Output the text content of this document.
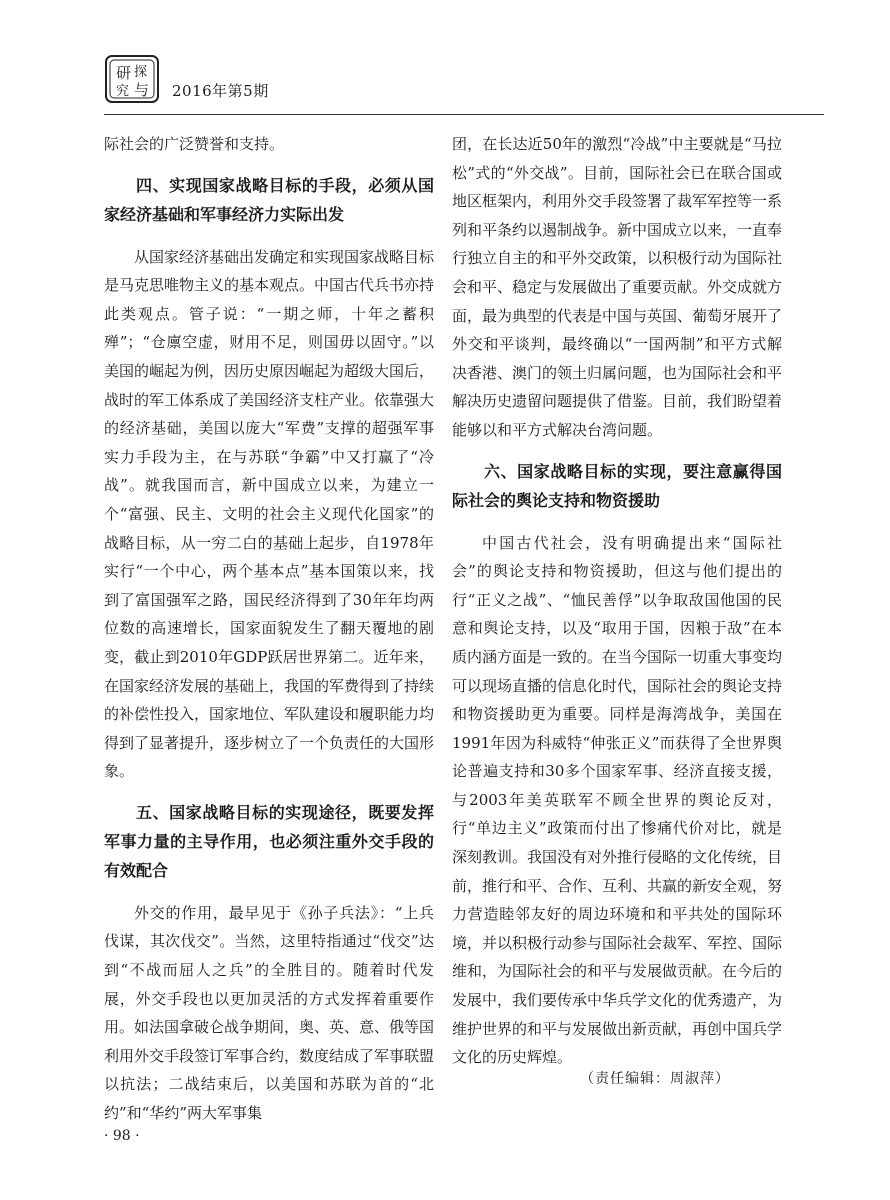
研 探
究 与 2016年第5期

际社会的广泛赞誉和支持。

四、实现国家战略目标的手段，必须从国家经济基础和军事经济力实际出发

从国家经济基础出发确定和实现国家战略目标是马克思唯物主义的基本观点。中国古代兵书亦持此类观点。管子说：“一期之师，十年之蓄积殚”；“仓廪空虚，财用不足，则国毋以固守。”以美国的崛起为例，因历史原因崛起为超级大国后，战时的军工体系成了美国经济支柱产业。依靠强大的经济基础，美国以庞大“军费”支撑的超强军事实力手段为主，在与苏联“争霸”中又打赢了“冷战”。就我国而言，新中国成立以来，为建立一个“富强、民主、文明的社会主义现代化国家”的战略目标，从一穷二白的基础上起步，自1978年实行“一个中心，两个基本点”基本国策以来，找到了富国强军之路，国民经济得到了30年年均两位数的高速增长，国家面貌发生了翻天覆地的剧变，截止到2010年GDP跃居世界第二。近年来，在国家经济发展的基础上，我国的军费得到了持续的补偿性投入，国家地位、军队建设和履职能力均得到了显著提升，逐步树立了一个负责任的大国形象。

五、国家战略目标的实现途径，既要发挥军事力量的主导作用，也必须注重外交手段的有效配合

外交的作用，最早见于《孙子兵法》：“上兵伐谋，其次伐交”。当然，这里特指通过“伐交”达到“不战而屈人之兵”的全胜目的。随着时代发展，外交手段也以更加灵活的方式发挥着重要作用。如法国拿破仑战争期间，奥、英、意、俄等国利用外交手段签订军事合约，数度结成了军事联盟以抗法；二战结束后，以美国和苏联为首的“北约”和“华约”两大军事集

团，在长达近50年的激烈“冷战”中主要就是“马拉松”式的“外交战”。目前，国际社会已在联合国或地区框架内，利用外交手段签署了裁军军控等一系列和平条约以遏制战争。新中国成立以来，一直奉行独立自主的和平外交政策，以积极行动为国际社会和平、稳定与发展做出了重要贡献。外交成就方面，最为典型的代表是中国与英国、葡萄牙展开了外交和平谈判，最终确以“一国两制”和平方式解决香港、澳门的领土归属问题，也为国际社会和平解决历史遗留问题提供了借鉴。目前，我们盼望着能够以和平方式解决台湾问题。

六、国家战略目标的实现，要注意赢得国际社会的舆论支持和物资援助

中国古代社会，没有明确提出来“国际社会”的舆论支持和物资援助，但这与他们提出的行“正义之战”、“恤民善俘”以争取敌国他国的民意和舆论支持，以及“取用于国，因粮于敌”在本质内涵方面是一致的。在当今国际一切重大事变均可以现场直播的信息化时代，国际社会的舆论支持和物资援助更为重要。同样是海湾战争，美国在1991年因为科威特“伸张正义”而获得了全世界舆论普遍支持和30多个国家军事、经济直接支援，与2003年美英联军不顾全世界的舆论反对，行“单边主义”政策而付出了惨痛代价对比，就是深刻教训。我国没有对外推行侵略的文化传统，目前，推行和平、合作、互利、共赢的新安全观，努力营造睦邻友好的周边环境和和平共处的国际环境，并以积极行动参与国际社会裁军、军控、国际维和，为国际社会的和平与发展做贡献。在今后的发展中，我们要传承中华兵学文化的优秀遗产，为维护世界的和平与发展做出新贡献，再创中国兵学文化的历史辉煌。

（责任编辑：周淑萍）
· 98 ·
